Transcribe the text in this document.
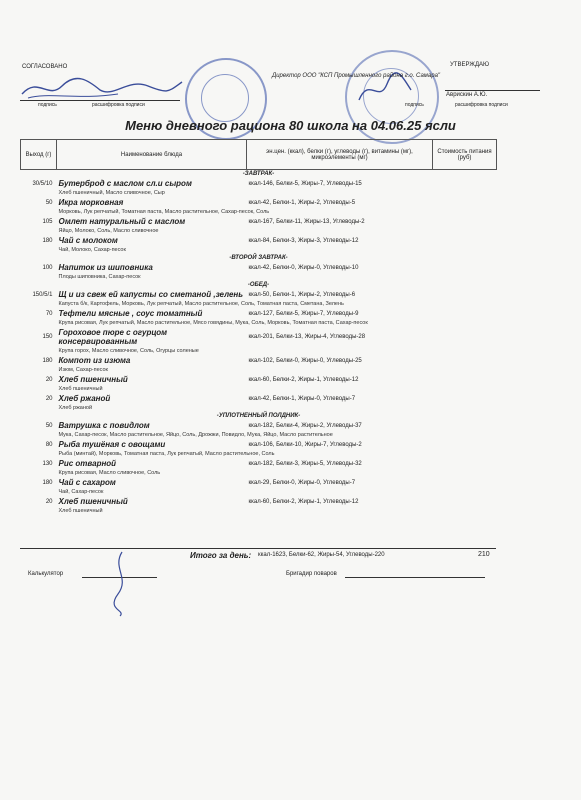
СОГЛАСОВАНО	УТВЕРЖДАЮ
подпись	расшифровка подписи
Директор ООО "КСП Промышленного района г.о. Самара"
Аврискин А.Ю.
подпись	расшифровка подписи
Меню дневного рациона 80 школа на 04.06.25 ясли
Выход (г)	Наименование блюда	эн.цен. (ккал), белки (г), углеводы (г), витамины (мг), микроэлементы (мг)	Стоимость питания (руб)
-ЗАВТРАК-			
30/5/10	Бутерброд с маслом сл.и сыром	ккал-146, Белки-5, Жиры-7, Углеводы-15	
	Хлеб пшеничный, Масло сливочное, Сыр		
50	Икра морковная	ккал-42, Белки-1, Жиры-2, Углеводы-5	
	Морковь, Лук репчатый, Томатная паста, Масло растительное, Сахар-песок, Соль		
105	Омлет натуральный с маслом	ккал-167, Белки-11, Жиры-13, Углеводы-2	
	Яйцо, Молоко, Соль, Масло сливочное		
180	Чай с молоком	ккал-84, Белки-3, Жиры-3, Углеводы-12	
	Чай, Молоко, Сахар-песок		
-ВТОРОЙ ЗАВТРАК-			
100	Напиток из шиповника	ккал-42, Белки-0, Жиры-0, Углеводы-10	
	Плоды шиповника, Сахар-песок		
-ОБЕД-			
150/5/1	Щ и из свеж ей капусты со сметаной ,зелень	ккал-50, Белки-1, Жиры-2, Углеводы-6	
	Капуста б/к, Картофель, Морковь, Лук репчатый, Масло растительное, Соль, Томатная паста, Сметана, Зелень		
70	Тефтели мясные , соус томатный	ккал-127, Белки-5, Жиры-7, Углеводы-9	
	Крупа рисовая, Лук репчатый, Масло растительное, Мясо говядины, Мука, Соль, Морковь, Томатная паста, Сахар-песок		
150	Гороховое пюре с огурцом консервированным	ккал-201, Белки-13, Жиры-4, Углеводы-28	
	Крупа горох, Масло сливочное, Соль, Огурцы соленые		
180	Компот из изюма	ккал-102, Белки-0, Жиры-0, Углеводы-25	
	Изюм, Сахар-песок		
20	Хлеб пшеничный	ккал-60, Белки-2, Жиры-1, Углеводы-12	
	Хлеб пшеничный		
20	Хлеб ржаной	ккал-42, Белки-1, Жиры-0, Углеводы-7	
	Хлеб ржаной		
-УПЛОТНЕННЫЙ ПОЛДНИК-			
50	Ватрушка с повидлом	ккал-182, Белки-4, Жиры-2, Углеводы-37	
	Мука, Сахар-песок, Масло растительное, Яйцо, Соль, Дрожжи, Повидло, Мука, Яйцо, Масло растительное		
80	Рыба тушёная с овощами	ккал-106, Белки-10, Жиры-7, Углеводы-2	
	Рыба (минтай), Морковь, Томатная паста, Лук репчатый, Масло растительное, Соль		
130	Рис отварной	ккал-182, Белки-3, Жиры-5, Углеводы-32	
	Крупа рисовая, Масло сливочное, Соль		
180	Чай с сахаром	ккал-29, Белки-0, Жиры-0, Углеводы-7	
	Чай, Сахар-песок		
20	Хлеб пшеничный	ккал-60, Белки-2, Жиры-1, Углеводы-12	
	Хлеб пшеничный		
Итого за день: ккал-1623, Белки-62, Жиры-54, Углеводы-220	210
Калькулятор	Бригадир поваров
